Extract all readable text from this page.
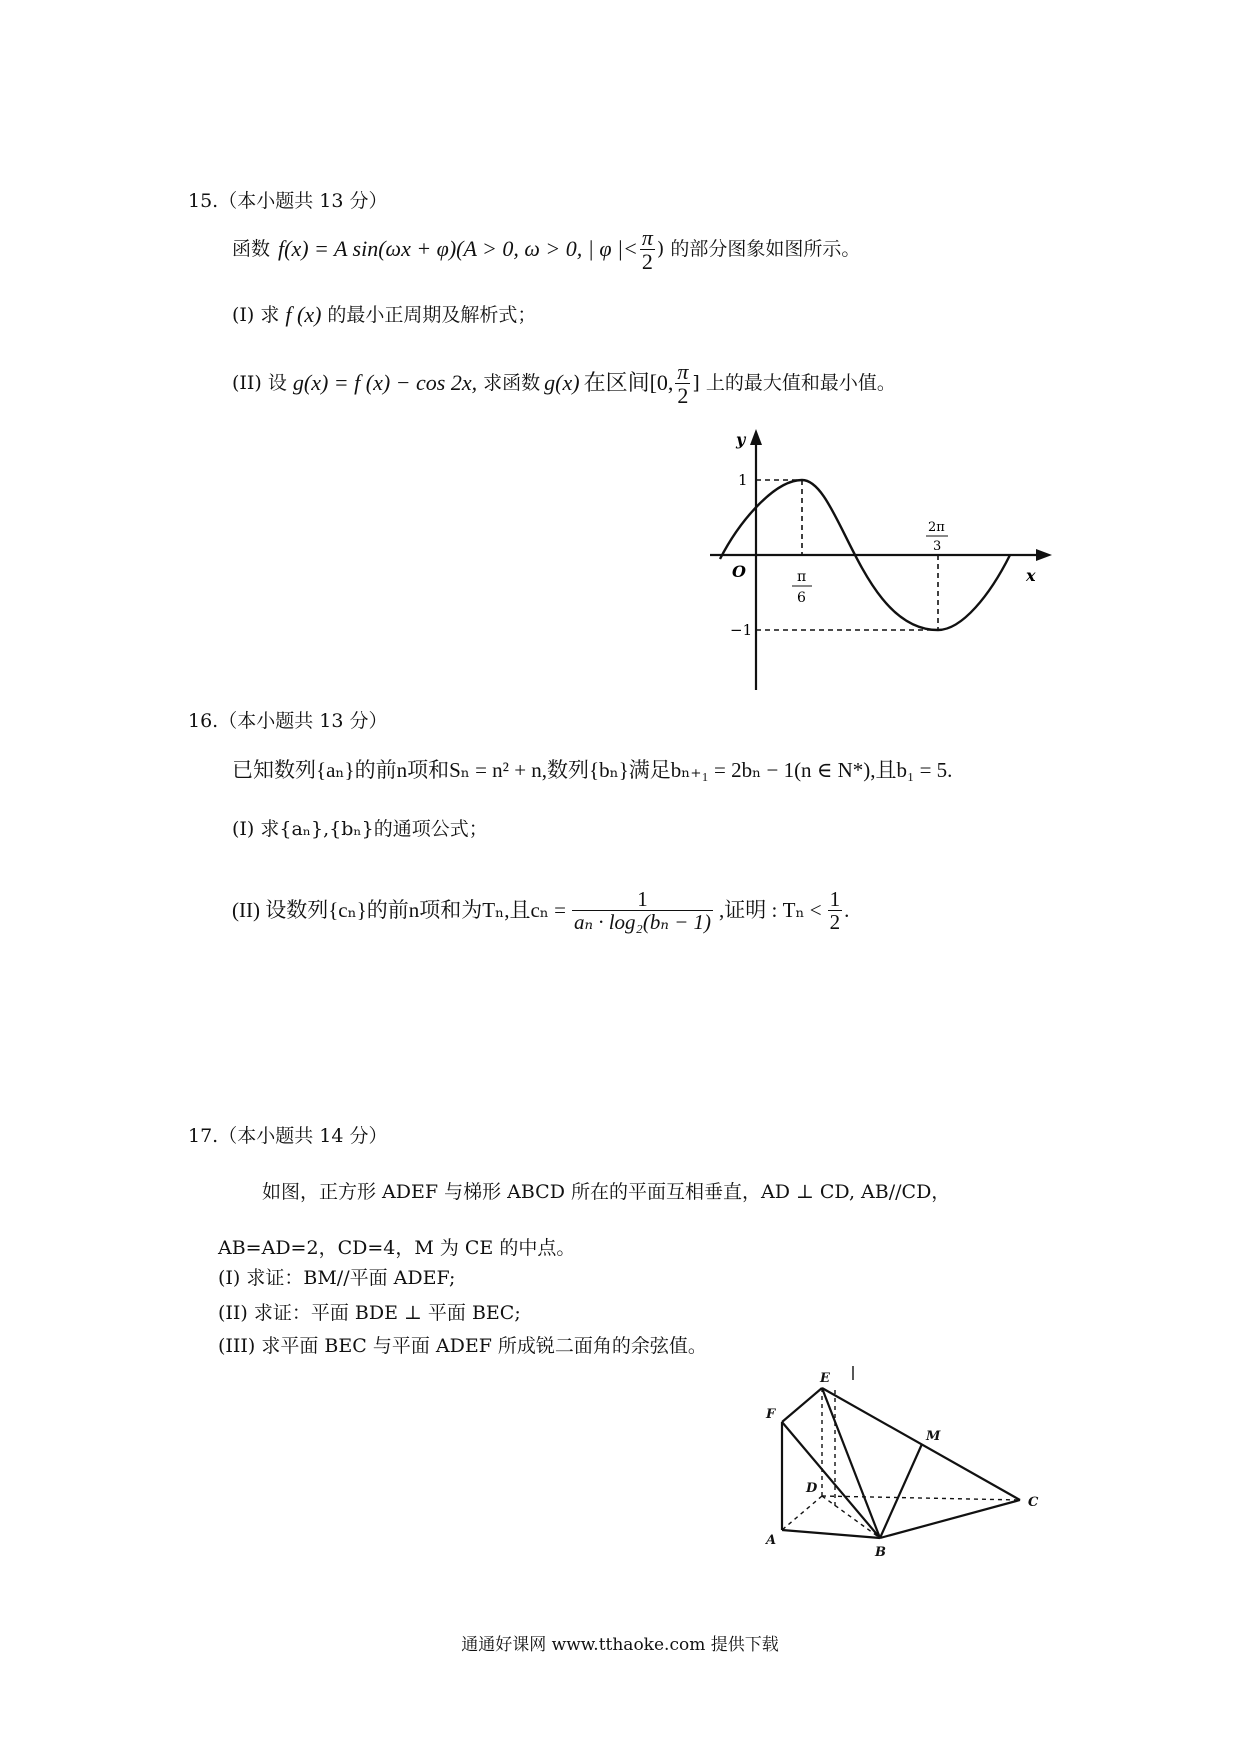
15.（本小题共 13 分）
函数 f(x) = A sin(ωx + φ)(A > 0, ω > 0, | φ |< $\frac{\pi}{2}$ ) 的部分图象如图所示。
(I) 求 f (x) 的最小正周期及解析式；
(II) 设 g(x) = f (x) − cos 2x, 求函数 g(x) 在区间[0, $\frac{\pi}{2}$ ] 上的最大值和最小值。
y
x
O
1
−1
π
6
2π
3
16.（本小题共 13 分）
已知数列{aₙ}的前n项和Sₙ = n² + n,数列{bₙ}满足bₙ₊₁ = 2bₙ − 1(n ∈ N*),且b₁ = 5.
(I) 求{aₙ},{bₙ}的通项公式；
(II) 设数列{cₙ}的前n项和为Tₙ,且$c_n = \frac{1}{\text{aₙ · log₂(bₙ − 1)}}$ ,证明 : $T_n < \frac{1}{2}$ .
17.（本小题共 14 分）
如图，正方形 ADEF 与梯形 ABCD 所在的平面互相垂直，AD ⊥ CD, AB//CD，
AB=AD=2，CD=4，M 为 CE 的中点。
(I) 求证：BM//平面 ADEF;
(II) 求证：平面 BDE ⊥ 平面 BEC;
(III) 求平面 BEC 与平面 ADEF 所成锐二面角的余弦值。
E
F
M
D
C
A
B
通通好课网 www.tthaoke.com 提供下载
